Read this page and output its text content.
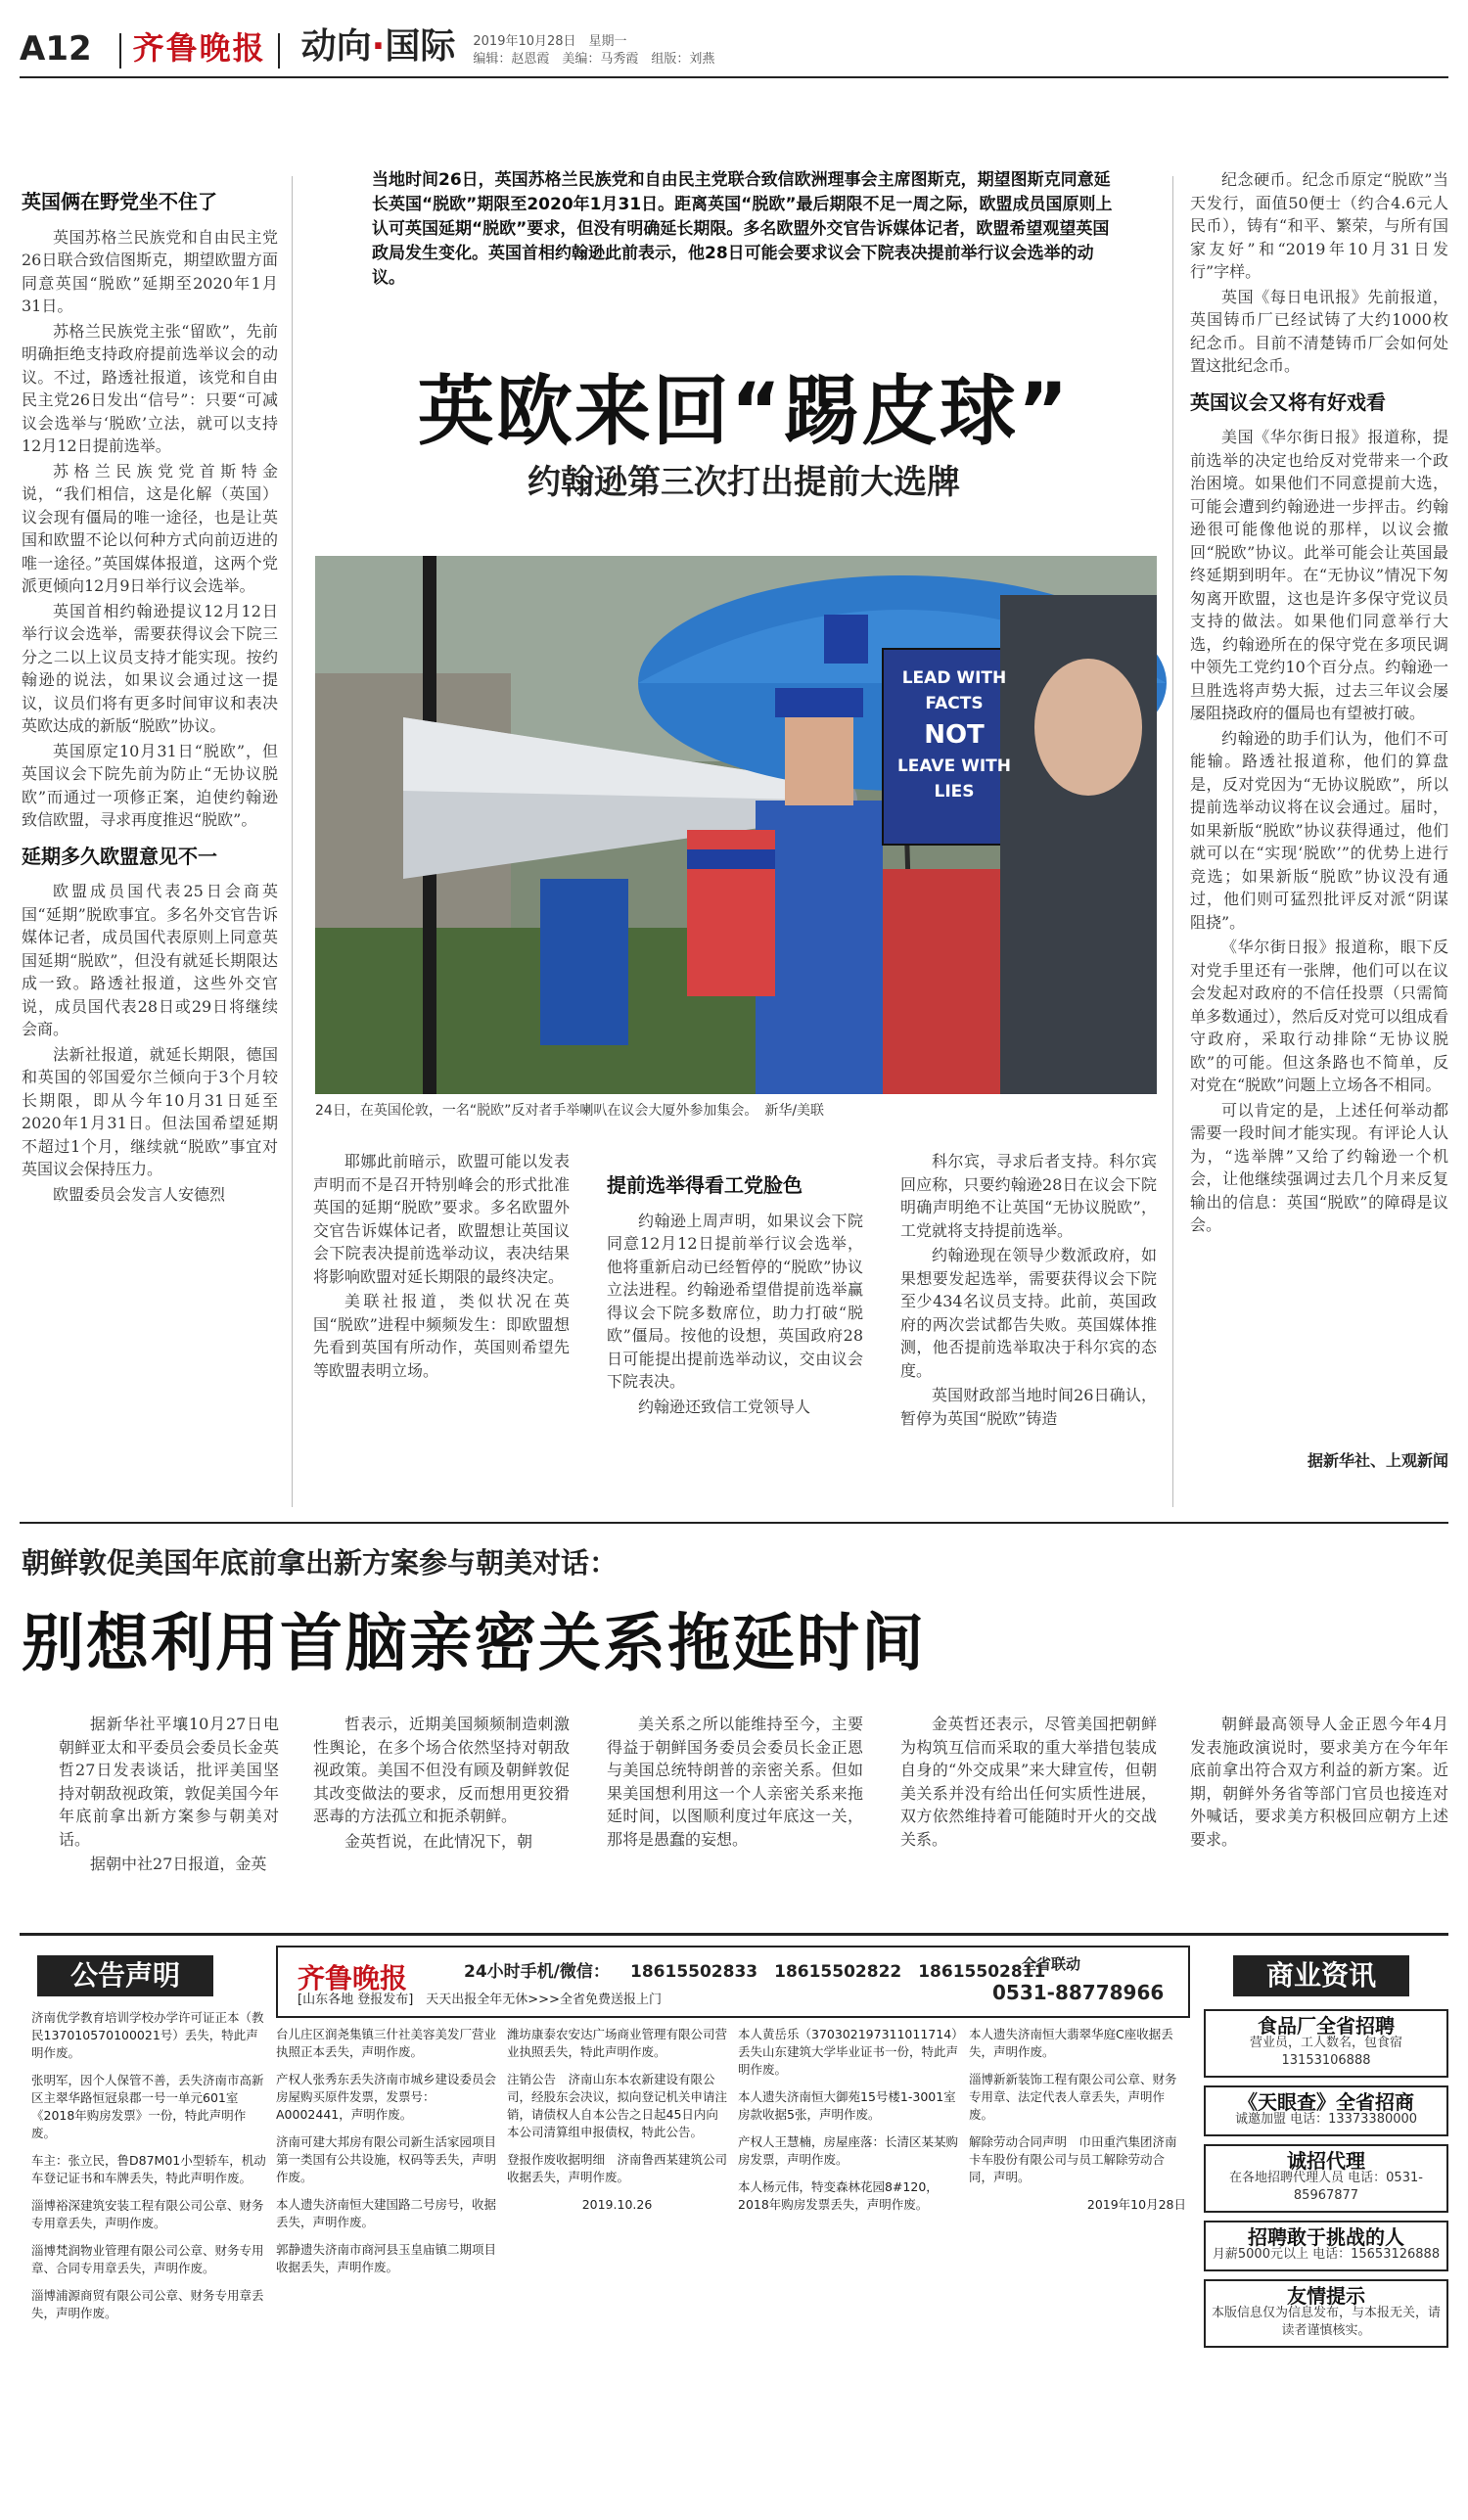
A12 齐鲁晚报 动向·国际 2019年10月28日　星期一
编辑：赵恩霞　美编：马秀霞　组版：刘燕
当地时间26日，英国苏格兰民族党和自由民主党联合致信欧洲理事会主席图斯克，期望图斯克同意延长英国“脱欧”期限至2020年1月31日。距离英国“脱欧”最后期限不足一周之际，欧盟成员国原则上认可英国延期“脱欧”要求，但没有明确延长期限。多名欧盟外交官告诉媒体记者，欧盟希望观望英国政局发生变化。英国首相约翰逊此前表示，他28日可能会要求议会下院表决提前举行议会选举的动议。
英欧来回“踢皮球”
约翰逊第三次打出提前大选牌
LEAD WITH FACTS
NOT
LEAVE WITH LIES
24日，在英国伦敦，一名“脱欧”反对者手举喇叭在议会大厦外参加集会。　新华/美联
英国俩在野党坐不住了

英国苏格兰民族党和自由民主党26日联合致信图斯克，期望欧盟方面同意英国“脱欧”延期至2020年1月31日。

苏格兰民族党主张“留欧”，先前明确拒绝支持政府提前选举议会的动议。不过，路透社报道，该党和自由民主党26日发出“信号”：只要“可减议会选举与‘脱欧’立法，就可以支持12月12日提前选举。

苏格兰民族党党首斯特金说，“我们相信，这是化解（英国）议会现有僵局的唯一途径，也是让英国和欧盟不论以何种方式向前迈进的唯一途径。”英国媒体报道，这两个党派更倾向12月9日举行议会选举。

英国首相约翰逊提议12月12日举行议会选举，需要获得议会下院三分之二以上议员支持才能实现。按约翰逊的说法，如果议会通过这一提议，议员们将有更多时间审议和表决英欧达成的新版“脱欧”协议。

英国原定10月31日“脱欧”，但英国议会下院先前为防止“无协议脱欧”而通过一项修正案，迫使约翰逊致信欧盟，寻求再度推迟“脱欧”。

延期多久欧盟意见不一

欧盟成员国代表25日会商英国“延期”脱欧事宜。多名外交官告诉媒体记者，成员国代表原则上同意英国延期“脱欧”，但没有就延长期限达成一致。路透社报道，这些外交官说，成员国代表28日或29日将继续会商。

法新社报道，就延长期限，德国和英国的邻国爱尔兰倾向于3个月较长期限，即从今年10月31日延至2020年1月31日。但法国希望延期不超过1个月，继续就“脱欧”事宜对英国议会保持压力。

欧盟委员会发言人安德烈

耶娜此前暗示，欧盟可能以发表声明而不是召开特别峰会的形式批准英国的延期“脱欧”要求。多名欧盟外交官告诉媒体记者，欧盟想让英国议会下院表决提前选举动议，表决结果将影响欧盟对延长期限的最终决定。

美联社报道，类似状况在英国“脱欧”进程中频频发生：即欧盟想先看到英国有所动作，英国则希望先等欧盟表明立场。

提前选举得看工党脸色

约翰逊上周声明，如果议会下院同意12月12日提前举行议会选举，他将重新启动已经暂停的“脱欧”协议立法进程。约翰逊希望借提前选举赢得议会下院多数席位，助力打破“脱欧”僵局。按他的设想，英国政府28日可能提出提前选举动议，交由议会下院表决。

约翰逊还致信工党领导人

科尔宾，寻求后者支持。科尔宾回应称，只要约翰逊28日在议会下院明确声明绝不让英国“无协议脱欧”，工党就将支持提前选举。

约翰逊现在领导少数派政府，如果想要发起选举，需要获得议会下院至少434名议员支持。此前，英国政府的两次尝试都告失败。英国媒体推测，他否提前选举取决于科尔宾的态度。

英国财政部当地时间26日确认，暂停为英国“脱欧”铸造

纪念硬币。纪念币原定“脱欧”当天发行，面值50便士（约合4.6元人民币），铸有“和平、繁荣，与所有国家友好”和“2019年10月31日发行”字样。

英国《每日电讯报》先前报道，英国铸币厂已经试铸了大约1000枚纪念币。目前不清楚铸币厂会如何处置这批纪念币。

英国议会又将有好戏看

美国《华尔街日报》报道称，提前选举的决定也给反对党带来一个政治困境。如果他们不同意提前大选，可能会遭到约翰逊进一步抨击。约翰逊很可能像他说的那样，以议会撤回“脱欧”协议。此举可能会让英国最终延期到明年。在“无协议”情况下匆匆离开欧盟，这也是许多保守党议员支持的做法。如果他们同意举行大选，约翰逊所在的保守党在多项民调中领先工党约10个百分点。约翰逊一旦胜选将声势大振，过去三年议会屡屡阻挠政府的僵局也有望被打破。

约翰逊的助手们认为，他们不可能输。路透社报道称，他们的算盘是，反对党因为“无协议脱欧”，所以提前选举动议将在议会通过。届时，如果新版“脱欧”协议获得通过，他们就可以在“实现‘脱欧’”的优势上进行竞选；如果新版“脱欧”协议没有通过，他们则可猛烈批评反对派“阴谋阻挠”。

《华尔街日报》报道称，眼下反对党手里还有一张牌，他们可以在议会发起对政府的不信任投票（只需简单多数通过），然后反对党可以组成看守政府，采取行动排除“无协议脱欧”的可能。但这条路也不简单，反对党在“脱欧”问题上立场各不相同。

可以肯定的是，上述任何举动都需要一段时间才能实现。有评论人认为，“选举牌”又给了约翰逊一个机会，让他继续强调过去几个月来反复输出的信息：英国“脱欧”的障碍是议会。

据新华社、上观新闻
朝鲜敦促美国年底前拿出新方案参与朝美对话：
别想利用首脑亲密关系拖延时间

据新华社平壤10月27日电　朝鲜亚太和平委员会委员长金英哲27日发表谈话，批评美国坚持对朝敌视政策，敦促美国今年年底前拿出新方案参与朝美对话。

据朝中社27日报道，金英

哲表示，近期美国频频制造刺激性舆论，在多个场合依然坚持对朝敌视政策。美国不但没有顾及朝鲜敦促其改变做法的要求，反而想用更狡猾恶毒的方法孤立和扼杀朝鲜。

金英哲说，在此情况下，朝

美关系之所以能维持至今，主要得益于朝鲜国务委员会委员长金正恩与美国总统特朗普的亲密关系。但如果美国想利用这一个人亲密关系来拖延时间，以图顺利度过年底这一关，那将是愚蠢的妄想。

金英哲还表示，尽管美国把朝鲜为构筑互信而采取的重大举措包装成自身的“外交成果”来大肆宣传，但朝美关系并没有给出任何实质性进展，双方依然维持着可能随时开火的交战关系。

朝鲜最高领导人金正恩今年4月发表施政演说时，要求美方在今年年底前拿出符合双方利益的新方案。近期，朝鲜外务省等部门官员也接连对外喊话，要求美方积极回应朝方上述要求。

公告声明
济南优学教育培训学校办学许可证正本（教民137010570100021号）丢失，特此声明作废。
张明军，因个人保管不善，丢失济南市高新区主翠华路恒冠泉郡一号一单元601室《2018年购房发票》一份，特此声明作废。
车主：张立民，鲁D87M01小型轿车，机动车登记证书和车牌丢失，特此声明作废。
淄博裕深建筑安装工程有限公司公章、财务专用章丢失，声明作废。
淄博梵润物业管理有限公司公章、财务专用章、合同专用章丢失，声明作废。
淄博浦源商贸有限公司公章、财务专用章丢失，声明作废。
齐鲁晚报	24小时手机/微信： 18615502833　18615502822　18615502811
[山东各地 登报发布]　天天出报全年无休>>>全省免费送报上门
全省联动
0531-88778966
台儿庄区润尧集镇三什社美容美发厂营业执照正本丢失，声明作废。
产权人张秀东丢失济南市城乡建设委员会房屋购买原件发票，发票号：A0002441，声明作废。
济南可建大邦房有限公司新生活家园项目第一类国有公共设施，权码等丢失，声明作废。
本人遗失济南恒大建国路二号房号，收据丢失，声明作废。
郭静遗失济南市商河县玉皇庙镇二期项目收据丢失，声明作废。
潍坊康泰农安达广场商业管理有限公司营业执照丢失，特此声明作废。
注销公告　济南山东本农新建设有限公司，经股东会决议，拟向登记机关申请注销，请债权人自本公告之日起45日内向本公司清算组申报债权，特此公告。
登报作废收据明细　济南鲁西某建筑公司收据丢失，声明作废。
2019.10.26
本人黄岳乐（370302197311011714）丢失山东建筑大学毕业证书一份，特此声明作废。
本人遗失济南恒大御苑15号楼1-3001室房款收据5张，声明作废。
产权人王慧楠，房屋座落：长清区某某购房发票，声明作废。
本人杨元伟，特变森林花园8#120，2018年购房发票丢失，声明作废。
本人遗失济南恒大翡翠华庭C座收据丢失，声明作废。
淄博新新装饰工程有限公司公章、财务专用章、法定代表人章丢失，声明作废。
解除劳动合同声明　巾田重汽集团济南卡车股份有限公司与员工解除劳动合同，声明。
2019年10月28日
商业资讯
食品厂全省招聘
营业员，工人数名，包食宿 13153106888
《天眼查》全省招商
诚邀加盟 电话：13373380000
诚招代理
在各地招聘代理人员 电话：0531-85967877
招聘敢于挑战的人
月薪5000元以上 电话：15653126888
友情提示
本版信息仅为信息发布，与本报无关，请读者谨慎核实。
